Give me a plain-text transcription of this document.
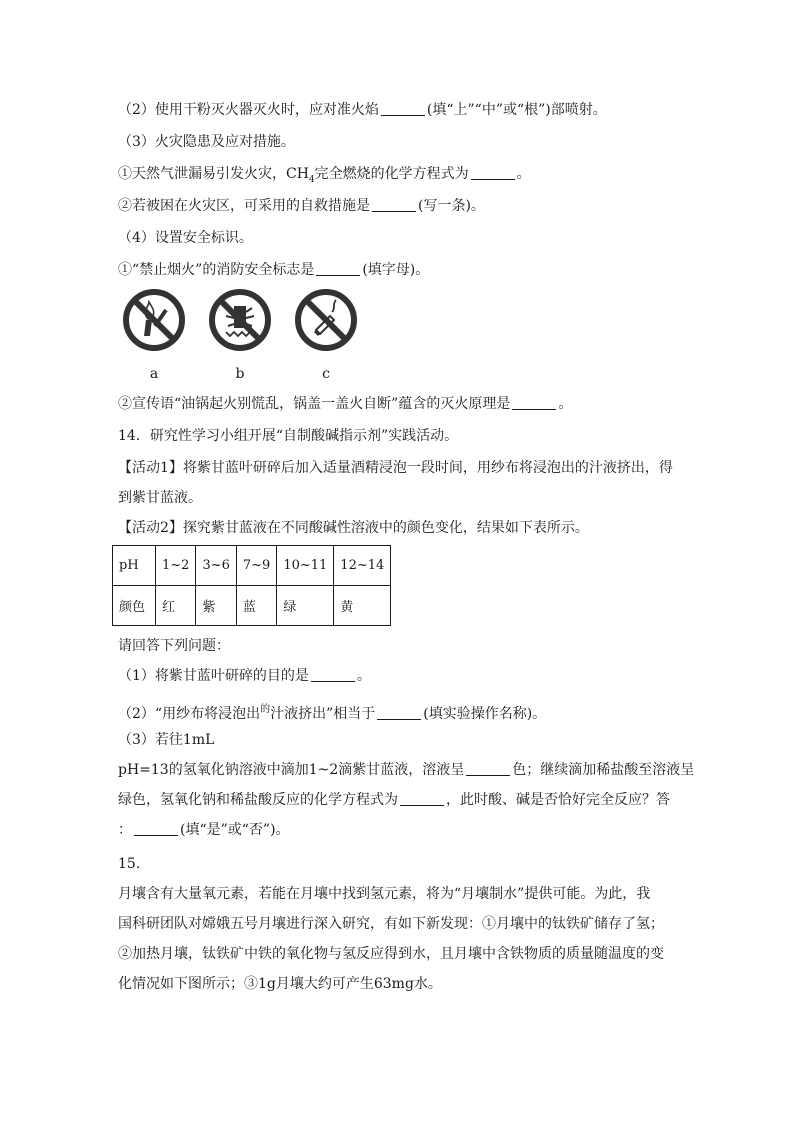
（2）使用干粉灭火器灭火时，应对准火焰	(填“上”“中”或“根”)部喷射。
（3）火灾隐患及应对措施。
①天然气泄漏易引发火灾，$CH_4$完全燃烧的化学方程式为	。
②若被困在火灾区，可采用的自救措施是	(写一条)。
（4）设置安全标识。
①“禁止烟火”的消防安全标志是	(填字母)。
a	b	c
②宣传语“油锅起火别慌乱，锅盖一盖火自断”蕴含的灭火原理是	。
14．研究性学习小组开展“自制酸碱指示剂”实践活动。
【活动1】将紫甘蓝叶研碎后加入适量酒精浸泡一段时间，用纱布将浸泡出的汁液挤出，得
到紫甘蓝液。
【活动2】探究紫甘蓝液在不同酸碱性溶液中的颜色变化，结果如下表所示。
pH	1~2	3~6	7~9	10~11	12~14
颜色	红	紫	蓝	绿	黄
请回答下列问题：
（1）将紫甘蓝叶研碎的目的是	。
（2）“用纱布将浸泡出$^的$汁液挤出”相当于	(填实验操作名称)。
（3）若往1mL
pH=13的氢氧化钠溶液中滴加1~2滴紫甘蓝液，溶液呈	色；继续滴加稀盐酸至溶液呈
绿色，氢氧化钠和稀盐酸反应的化学方程式为	，此时酸、碱是否恰好完全反应？答
：	(填“是”或“否”)。
15.
月壤含有大量氧元素，若能在月壤中找到氢元素，将为“月壤制水”提供可能。为此，我
国科研团队对嫦娥五号月壤进行深入研究，有如下新发现：①月壤中的钛铁矿储存了氢；
②加热月壤，钛铁矿中铁的氧化物与氢反应得到水，且月壤中含铁物质的质量随温度的变
化情况如下图所示；③1g月壤大约可产生63mg水。
